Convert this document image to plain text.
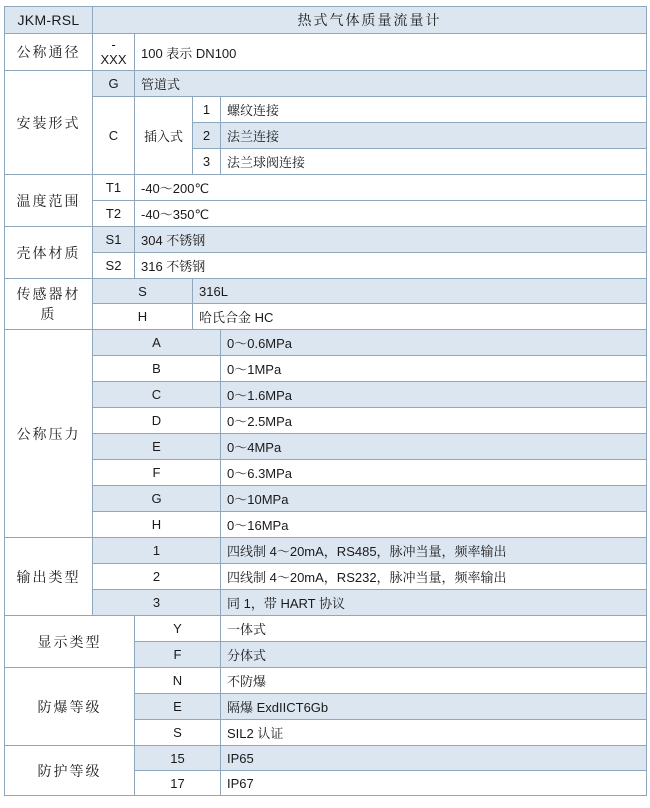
JKM-RSL	热式气体质量流量计			
公称通径	-XXX	100 表示 DN100		
安装形式	G	管道式		
	C	插入式	1	螺纹连接
			2	法兰连接
			3	法兰球阀连接
温度范围	T1	-40～200℃		
	T2	-40～350℃		
壳体材质	S1	304 不锈钢		
	S2	316 不锈钢		
传感器材质	S		316L	
	H		哈氏合金 HC	
公称压力	A			0～0.6MPa
	B			0～1MPa
	C			0～1.6MPa
	D			0～2.5MPa
	E			0～4MPa
	F			0～6.3MPa
	G			0～10MPa
	H			0～16MPa
输出类型	1			四线制 4～20mA，RS485，脉冲当量，频率输出
	2			四线制 4～20mA，RS232，脉冲当量，频率输出
	3			同 1，带 HART 协议
显示类型		Y		一体式
		F		分体式
防爆等级		N		不防爆
		E		隔爆 ExdIICT6Gb
		S		SIL2 认证
防护等级		15		IP65
		17		IP67
